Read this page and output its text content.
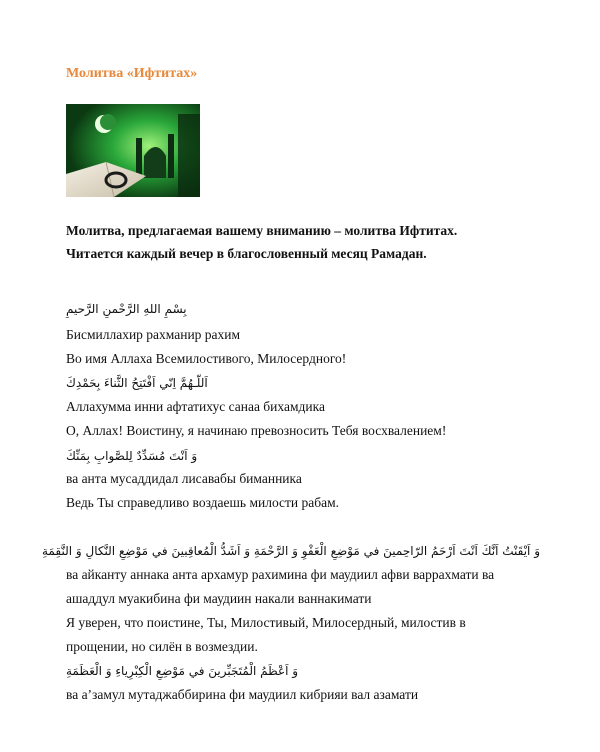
Молитва «Ифтитах»
Молитва, предлагаемая вашему вниманию – молитва Ифтитах.
Читается каждый вечер в благословенный месяц Рамадан.
بِسْمِ اللهِ الرَّحْمنِ الرَّحيمِ
Бисмиллахир рахманир рахим
Во имя Аллаха Всемилостивого, Милосердного!
اَللّـهُمَّ اِنّي اَفْتَتِحُ الثَّناءَ بِحَمْدِكَ
Аллахумма инни афтатихус санаа бихамдика
О, Аллах! Воистину, я начинаю превозносить Тебя восхвалением!
وَ اَنْتَ مُسَدِّدٌ لِلصَّوابِ بِمَنِّكَ
ва анта мусаддидал лисавабы биманника
Ведь Ты справедливо воздаешь милости рабам.
وَ اَيْقَنْتُ اَنَّكَ اَنْتَ اَرْحَمُ الرّاحِمينَ في مَوْضِعِ الْعَفْوِ وَ الرَّحْمَةِ وَ اَشَدُّ الْمُعاقِبينَ في مَوْضِعِ النَّكالِ وَ النَّقِمَةِ
ва айканту аннака анта архамур рахимина фи маудиил афви варрахмати ва
ашаддул муакибина фи маудиин накали ваннакимати
Я уверен, что поистине, Ты, Милостивый, Милосердный, милостив в
прощении, но силён в возмездии.
وَ اَعْظَمُ الْمُتَجَبِّرينَ في مَوْضِعِ الْكِبْرِياءِ وَ الْعَظَمَةِ
ва а’замул мутаджаббирина фи маудиил кибрияи вал азамати
